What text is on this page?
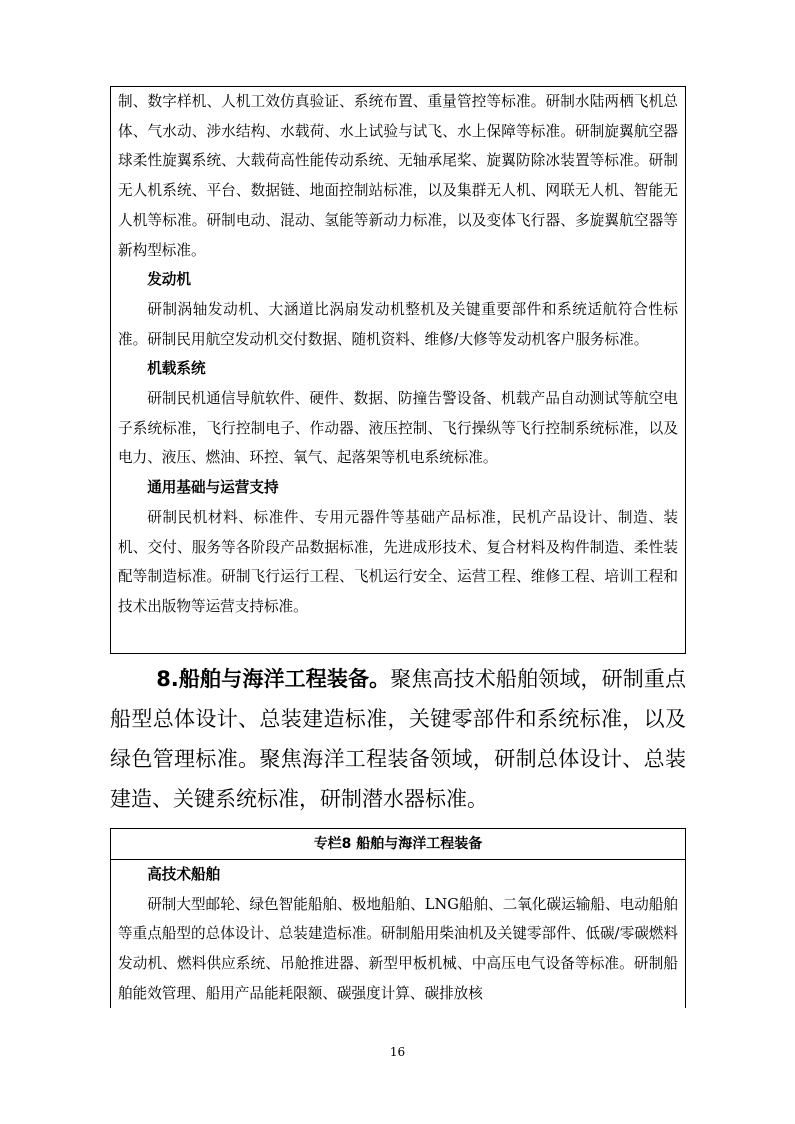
制、数字样机、人机工效仿真验证、系统布置、重量管控等标准。研制水陆两栖飞机总体、气水动、涉水结构、水载荷、水上试验与试飞、水上保障等标准。研制旋翼航空器球柔性旋翼系统、大载荷高性能传动系统、无轴承尾桨、旋翼防除冰装置等标准。研制无人机系统、平台、数据链、地面控制站标准，以及集群无人机、网联无人机、智能无人机等标准。研制电动、混动、氢能等新动力标准，以及变体飞行器、多旋翼航空器等新构型标准。

发动机

研制涡轴发动机、大涵道比涡扇发动机整机及关键重要部件和系统适航符合性标准。研制民用航空发动机交付数据、随机资料、维修/大修等发动机客户服务标准。

机载系统

研制民机通信导航软件、硬件、数据、防撞告警设备、机载产品自动测试等航空电子系统标准，飞行控制电子、作动器、液压控制、飞行操纵等飞行控制系统标准，以及电力、液压、燃油、环控、氧气、起落架等机电系统标准。

通用基础与运营支持

研制民机材料、标准件、专用元器件等基础产品标准，民机产品设计、制造、装机、交付、服务等各阶段产品数据标准，先进成形技术、复合材料及构件制造、柔性装配等制造标准。研制飞行运行工程、飞机运行安全、运营工程、维修工程、培训工程和技术出版物等运营支持标准。

8.船舶与海洋工程装备。聚焦高技术船舶领域，研制重点船型总体设计、总装建造标准，关键零部件和系统标准，以及绿色管理标准。聚焦海洋工程装备领域，研制总体设计、总装建造、关键系统标准，研制潜水器标准。

专栏8 船舶与海洋工程装备

高技术船舶

研制大型邮轮、绿色智能船舶、极地船舶、LNG船舶、二氧化碳运输船、电动船舶等重点船型的总体设计、总装建造标准。研制船用柴油机及关键零部件、低碳/零碳燃料发动机、燃料供应系统、吊舱推进器、新型甲板机械、中高压电气设备等标准。研制船舶能效管理、船用产品能耗限额、碳强度计算、碳排放核

16
